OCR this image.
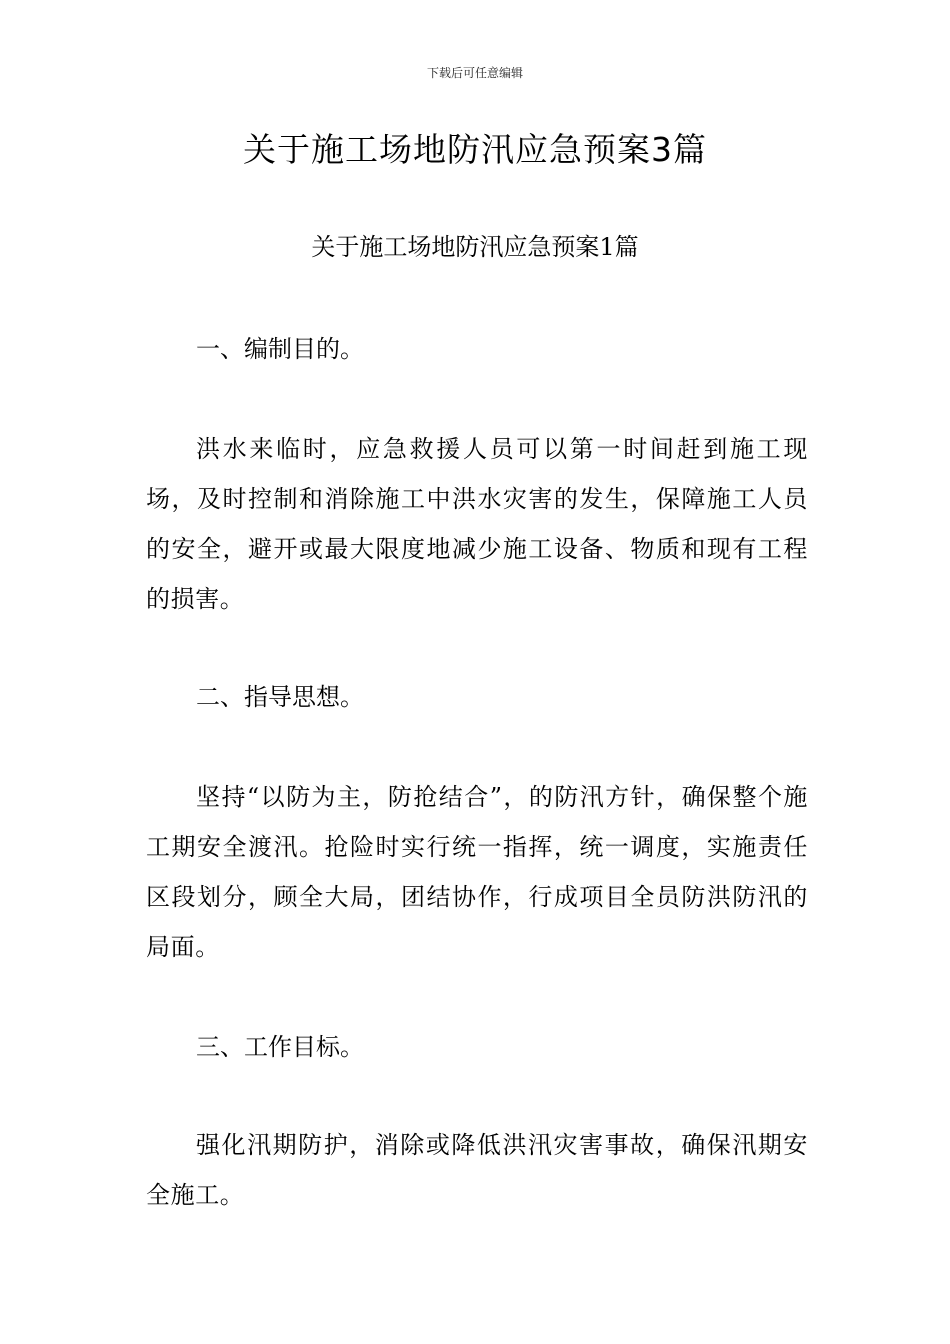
下载后可任意编辑
关于施工场地防汛应急预案3篇
关于施工场地防汛应急预案1篇

一、编制目的。

洪水来临时，应急救援人员可以第一时间赶到施工现场，及时控制和消除施工中洪水灾害的发生，保障施工人员的安全，避开或最大限度地减少施工设备、物质和现有工程的损害。

二、指导思想。

坚持“以防为主，防抢结合”，的防汛方针，确保整个施工期安全渡汛。抢险时实行统一指挥，统一调度，实施责任区段划分，顾全大局，团结协作，行成项目全员防洪防汛的局面。

三、工作目标。

强化汛期防护，消除或降低洪汛灾害事故，确保汛期安全施工。
